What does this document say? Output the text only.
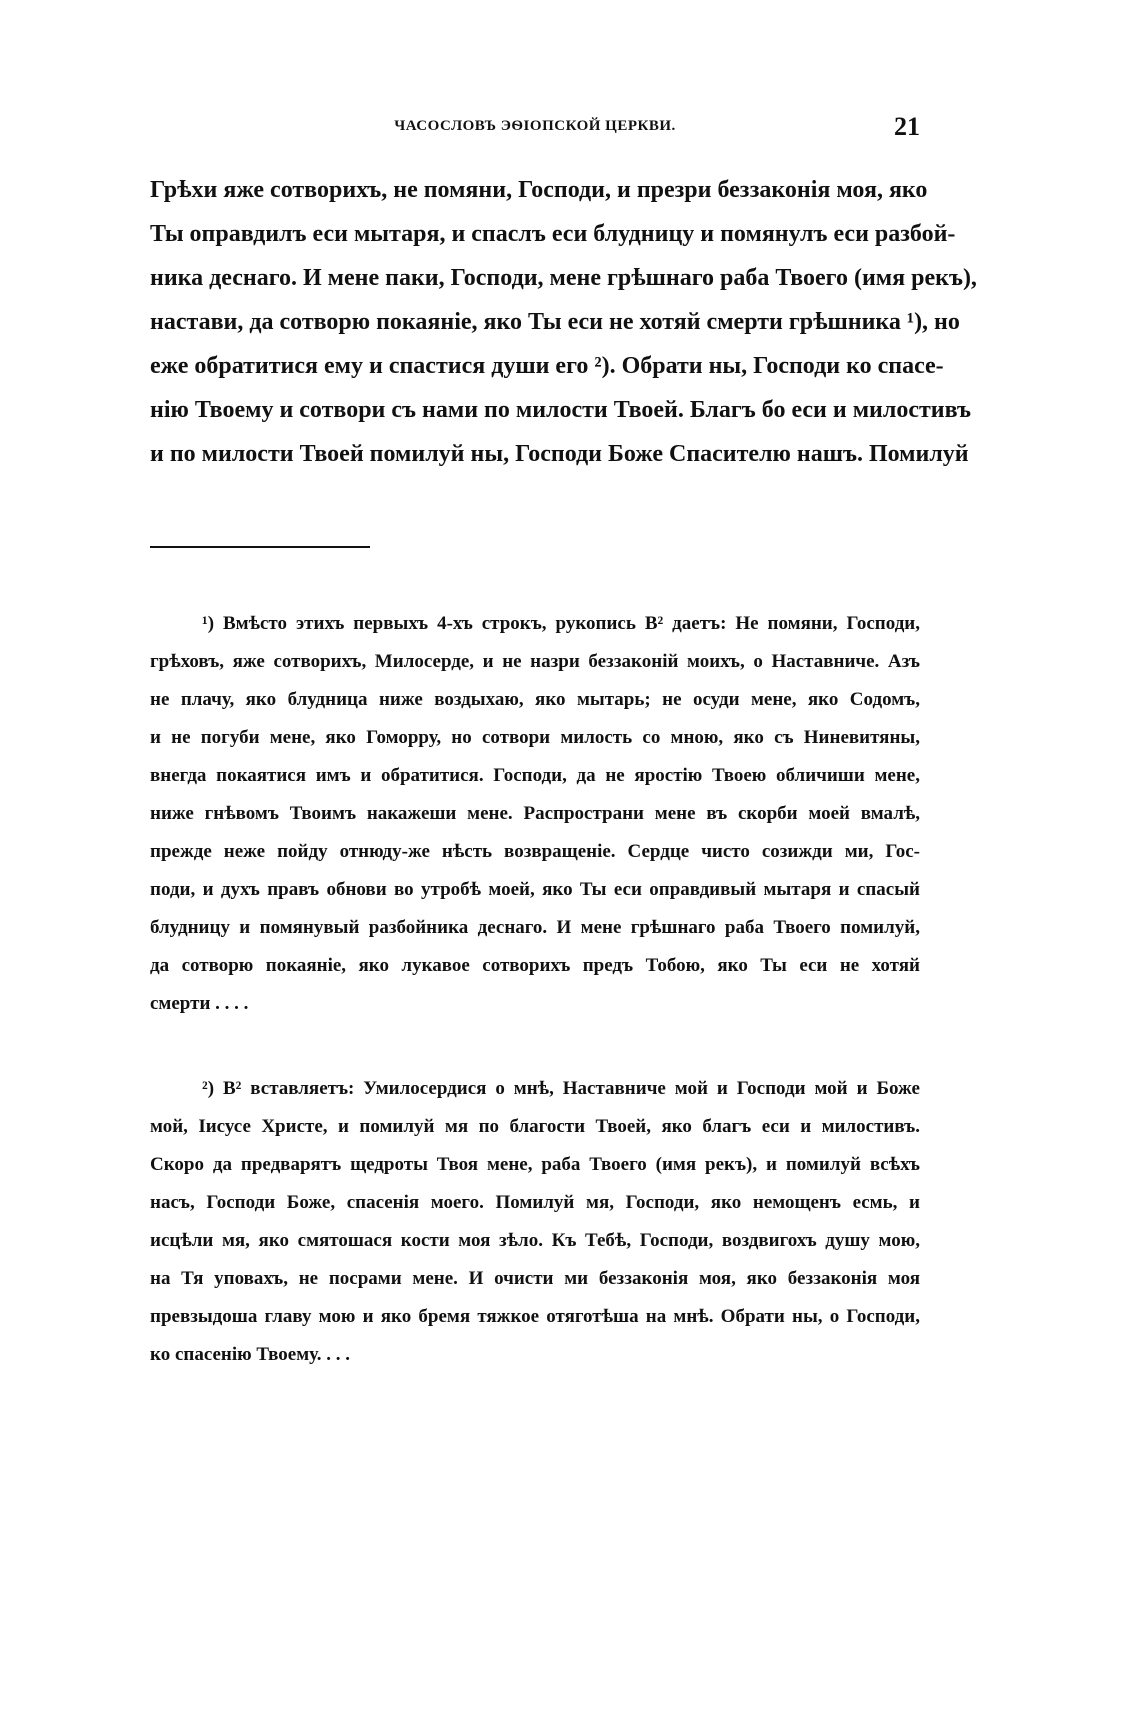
ЧАСОСЛОВЪ ЭѲІОПСКОЙ ЦЕРКВИ.	21
Грѣхи яже сотворихъ, не помяни, Господи, и презри беззаконія моя, яко
Ты оправдилъ еси мытаря, и спаслъ еси блудницу и помянулъ еси разбой-
ника деснаго. И мене паки, Господи, мене грѣшнаго раба Твоего (имя рекъ),
настави, да сотворю покаяніе, яко Ты еси не хотяй смерти грѣшника ¹), но
еже обратитися ему и спастися души его ²). Обрати ны, Господи ко спасе-
нію Твоему и сотвори съ нами по милости Твоей. Благъ бо еси и милостивъ
и по милости Твоей помилуй ны, Господи Боже Спасителю нашъ. Помилуй
¹) Вмѣсто этихъ первыхъ 4-хъ строкъ, рукопись B² даетъ: Не помяни, Господи,
грѣховъ, яже сотворихъ, Милосерде, и не назри беззаконій моихъ, о Наставниче. Азъ
не плачу, яко блудница ниже воздыхаю, яко мытарь; не осуди мене, яко Содомъ,
и не погуби мене, яко Гоморру, но сотвори милость со мною, яко съ Ниневитяны,
внегда покаятися имъ и обратитися. Господи, да не яростію Твоею обличиши мене,
ниже гнѣвомъ Твоимъ накажеши мене. Распространи мене въ скорби моей вмалѣ,
прежде неже пойду отнюду-же нѣсть возвращеніе. Сердце чисто созижди ми, Гос-
поди, и духъ правъ обнови во утробѣ моей, яко Ты еси оправдивый мытаря и спасый
блудницу и помянувый разбойника деснаго. И мене грѣшнаго раба Твоего помилуй,
да сотворю покаяніе, яко лукавое сотворихъ предъ Тобою, яко Ты еси не хотяй
смерти . . . .
²) B² вставляетъ: Умилосердися о мнѣ, Наставниче мой и Господи мой и Боже
мой, Іисусе Христе, и помилуй мя по благости Твоей, яко благъ еси и милостивъ.
Скоро да предварятъ щедроты Твоя мене, раба Твоего (имя рекъ), и помилуй всѣхъ
насъ, Господи Боже, спасенія моего. Помилуй мя, Господи, яко немощенъ есмь, и
исцѣли мя, яко смятошася кости моя зѣло. Къ Тебѣ, Господи, воздвигохъ душу мою,
на Тя уповахъ, не посрами мене. И очисти ми беззаконія моя, яко беззаконія моя
превзыдоша главу мою и яко бремя тяжкое отяготѣша на мнѣ. Обрати ны, о Господи,
ко спасенію Твоему. . . .
